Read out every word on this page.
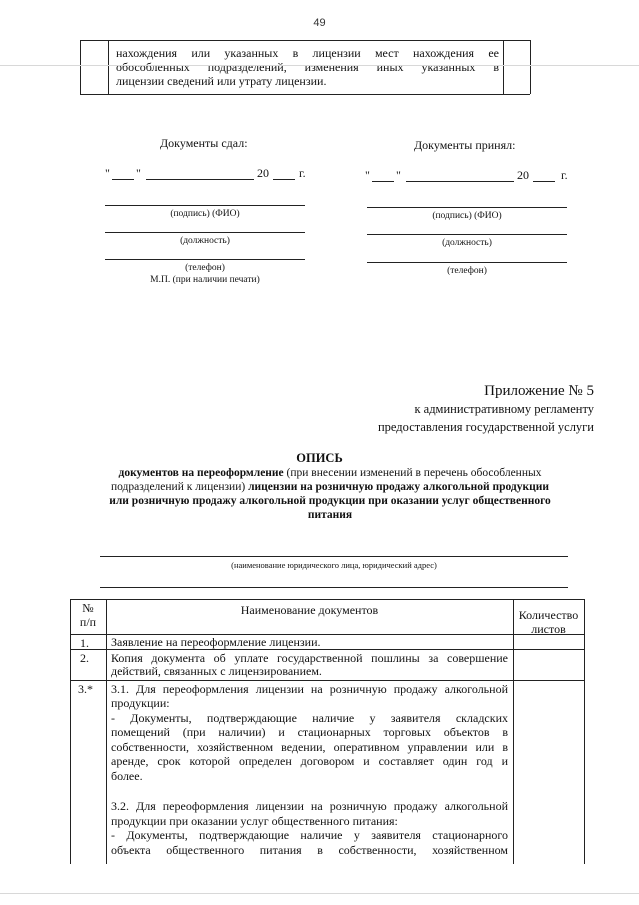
49
нахождения или указанных в лицензии мест нахождения ее
обособленных подразделений, изменения иных указанных в
лицензии сведений или утрату лицензии.
Документы сдал:
" "	20	г.
(подпись) (ФИО)
(должность)
(телефон)
М.П. (при наличии печати)
Документы принял:
" "	20	г.
(подпись) (ФИО)
(должность)
(телефон)
Приложение № 5
к административному регламенту
предоставления государственной услуги
ОПИСЬ
документов на переоформление (при внесении изменений в перечень обособленных
подразделений к лицензии) лицензии на розничную продажу алкогольной продукции
или розничную продажу алкогольной продукции при оказании услуг общественного
питания
(наименование юридического лица, юридический адрес)
№
п/п
Наименование документов	Количество
листов
1. Заявление на переоформление лицензии.
2. Копия документа об уплате государственной пошлины за совершение
действий, связанных с лицензированием.
3.* 3.1. Для переоформления лицензии на розничную продажу алкогольной
продукции:
- Документы, подтверждающие наличие у заявителя складских
помещений (при наличии) и стационарных торговых объектов в
собственности, хозяйственном ведении, оперативном управлении или в
аренде, срок которой определен договором и составляет один год и
более.
3.2. Для переоформления лицензии на розничную продажу алкогольной
продукции при оказании услуг общественного питания:
- Документы, подтверждающие наличие у заявителя стационарного
объекта общественного питания в собственности, хозяйственном
